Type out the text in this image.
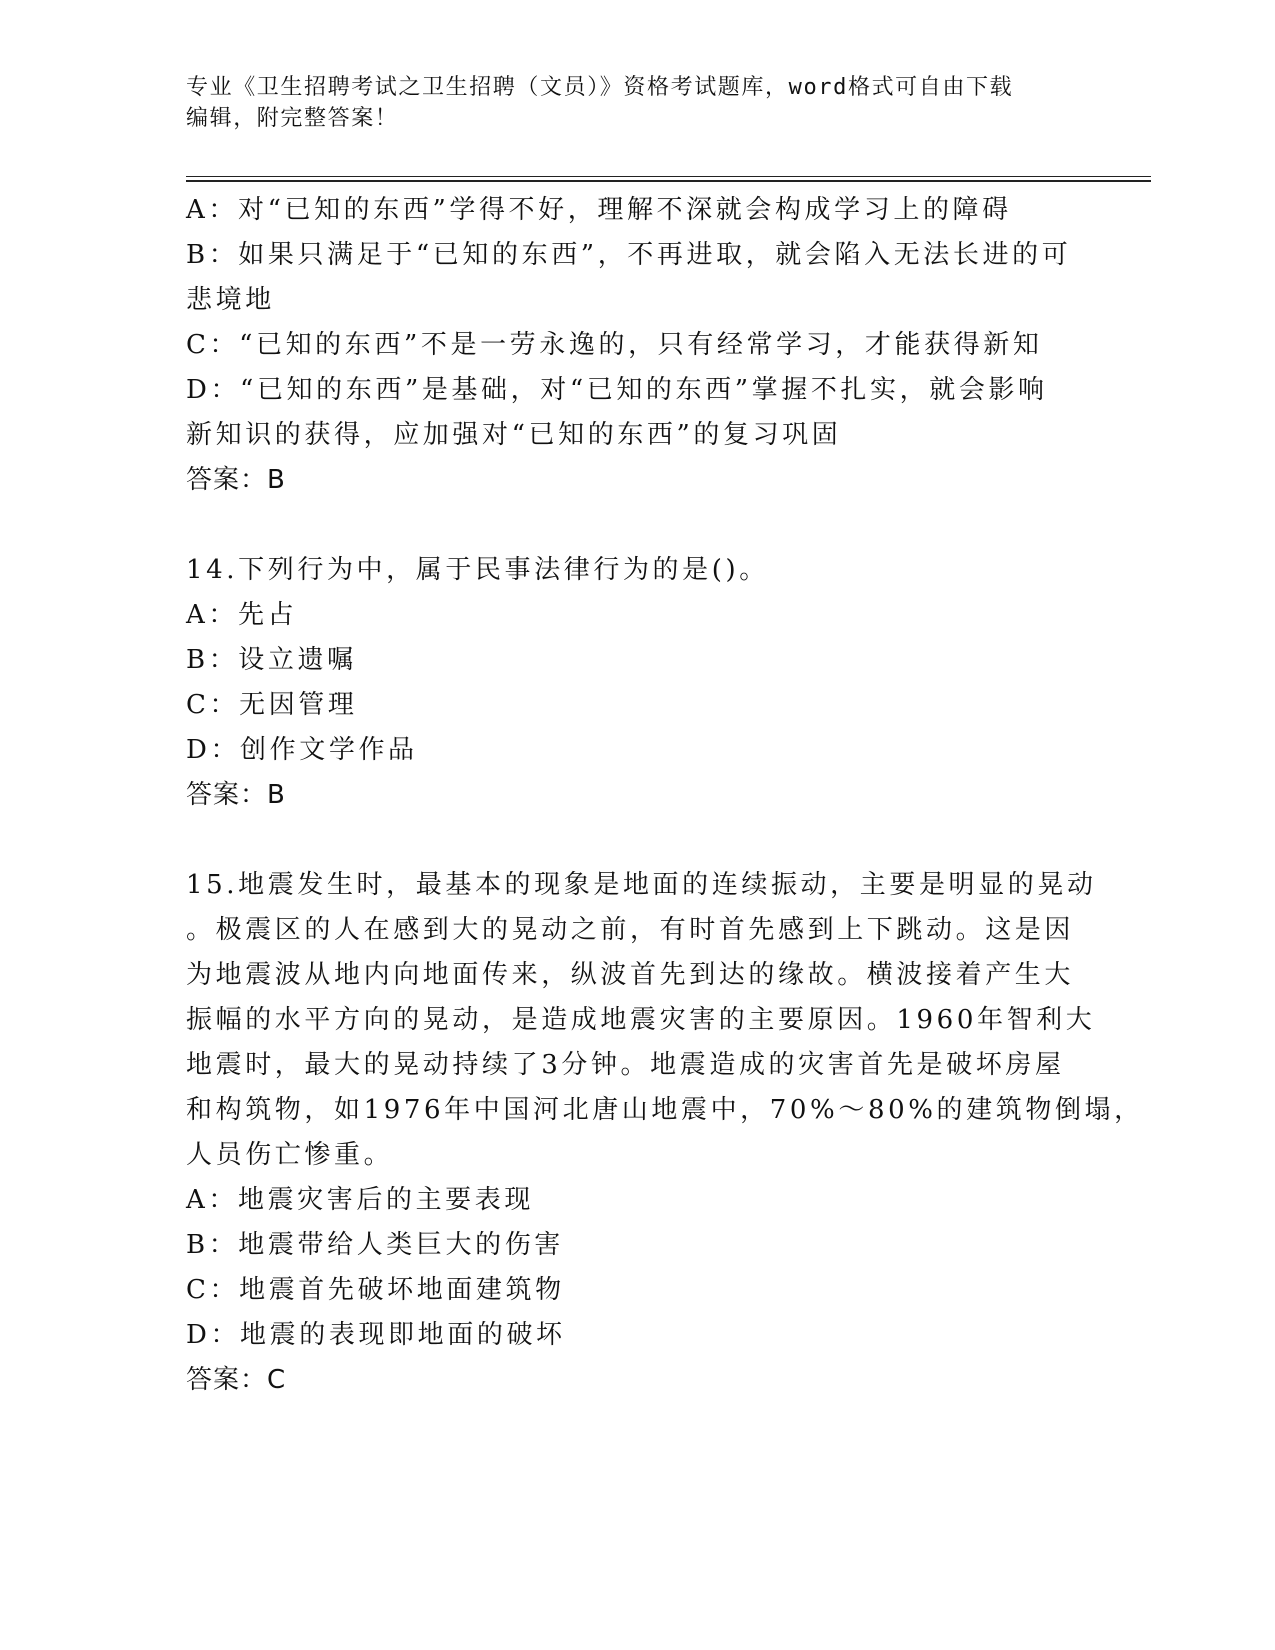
专业《卫生招聘考试之卫生招聘（文员）》资格考试题库，word格式可自由下载
编辑，附完整答案！
A：对“已知的东西”学得不好，理解不深就会构成学习上的障碍
B：如果只满足于“已知的东西”，不再进取，就会陷入无法长进的可
悲境地
C：“已知的东西”不是一劳永逸的，只有经常学习，才能获得新知
D：“已知的东西”是基础，对“已知的东西”掌握不扎实，就会影响
新知识的获得，应加强对“已知的东西”的复习巩固
答案：B
14.下列行为中，属于民事法律行为的是()。
A：先占
B：设立遗嘱
C：无因管理
D：创作文学作品
答案：B
15.地震发生时，最基本的现象是地面的连续振动，主要是明显的晃动
。极震区的人在感到大的晃动之前，有时首先感到上下跳动。这是因
为地震波从地内向地面传来，纵波首先到达的缘故。横波接着产生大
振幅的水平方向的晃动，是造成地震灾害的主要原因。1960年智利大
地震时，最大的晃动持续了3分钟。地震造成的灾害首先是破坏房屋
和构筑物，如1976年中国河北唐山地震中，70%～80%的建筑物倒塌，
人员伤亡惨重。
A：地震灾害后的主要表现
B：地震带给人类巨大的伤害
C：地震首先破坏地面建筑物
D：地震的表现即地面的破坏
答案：C
